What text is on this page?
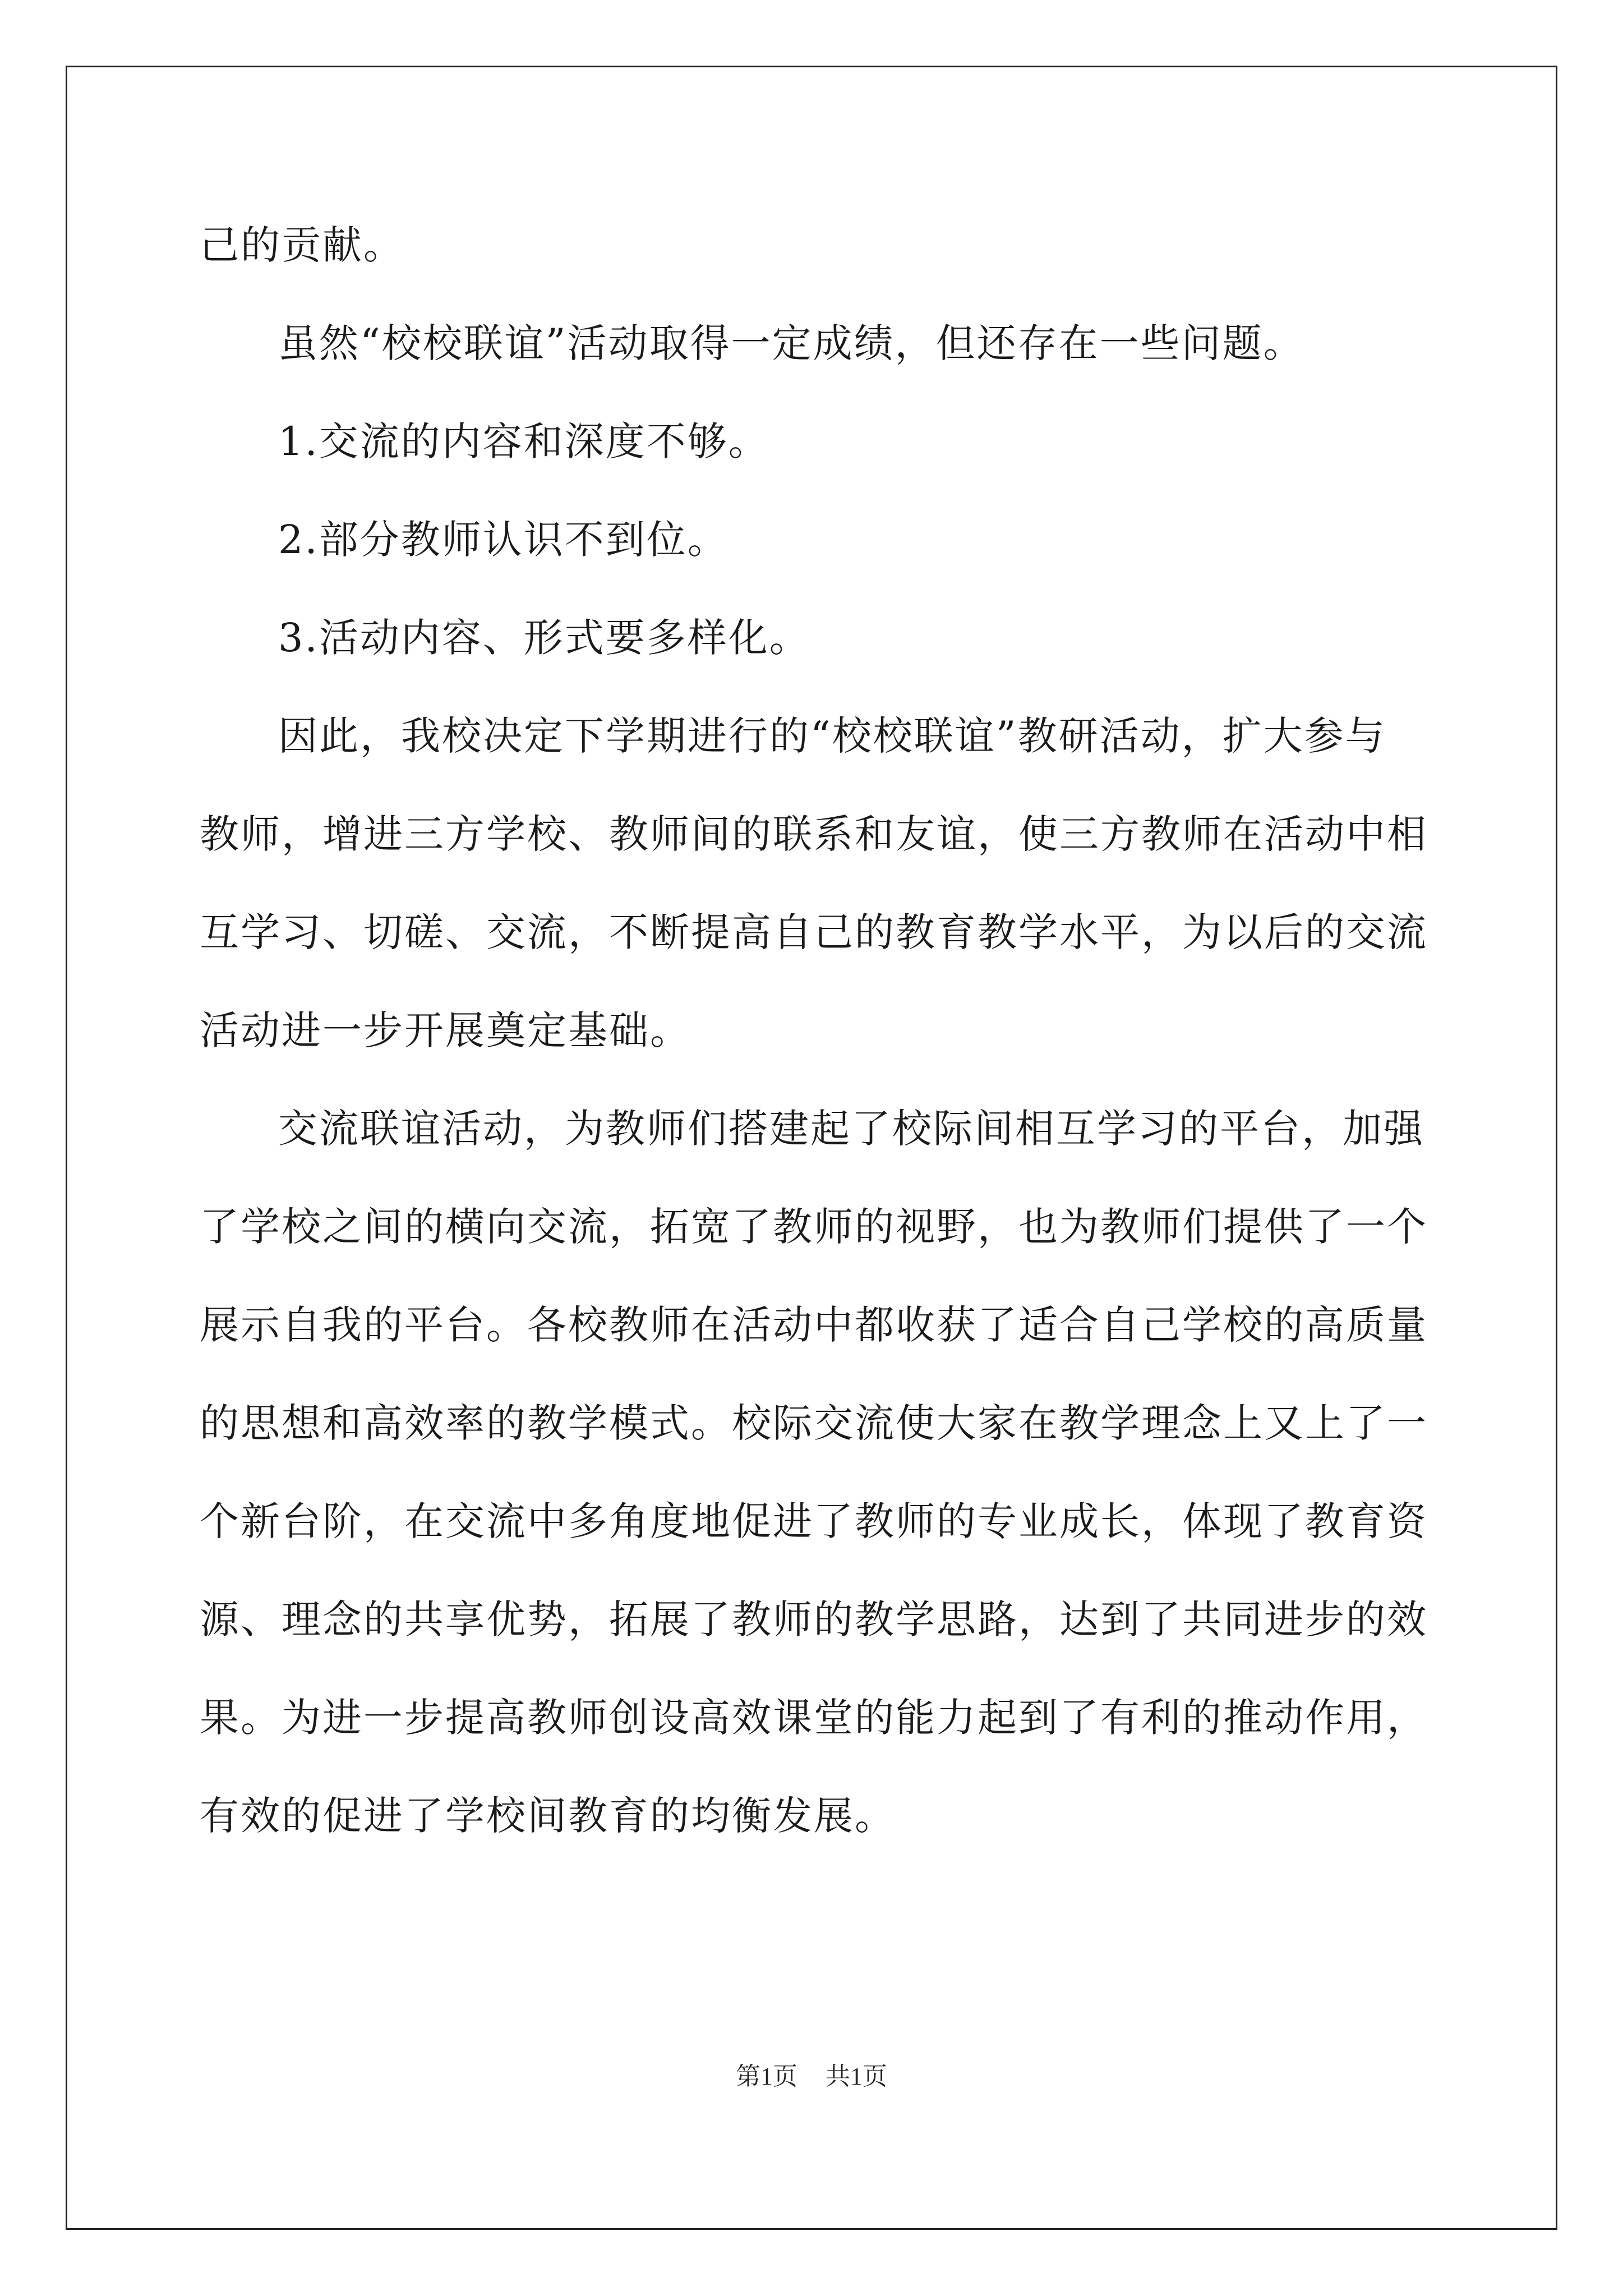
己的贡献。

虽然“校校联谊”活动取得一定成绩，但还存在一些问题。

1.交流的内容和深度不够。

2.部分教师认识不到位。

3.活动内容、形式要多样化。

因此，我校决定下学期进行的“校校联谊”教研活动，扩大参与
教师，增进三方学校、教师间的联系和友谊，使三方教师在活动中相
互学习、切磋、交流，不断提高自己的教育教学水平，为以后的交流
活动进一步开展奠定基础。

交流联谊活动，为教师们搭建起了校际间相互学习的平台，加强
了学校之间的横向交流，拓宽了教师的视野，也为教师们提供了一个
展示自我的平台。各校教师在活动中都收获了适合自己学校的高质量
的思想和高效率的教学模式。校际交流使大家在教学理念上又上了一
个新台阶，在交流中多角度地促进了教师的专业成长，体现了教育资
源、理念的共享优势，拓展了教师的教学思路，达到了共同进步的效
果。为进一步提高教师创设高效课堂的能力起到了有利的推动作用，
有效的促进了学校间教育的均衡发展。

第1页 共1页
